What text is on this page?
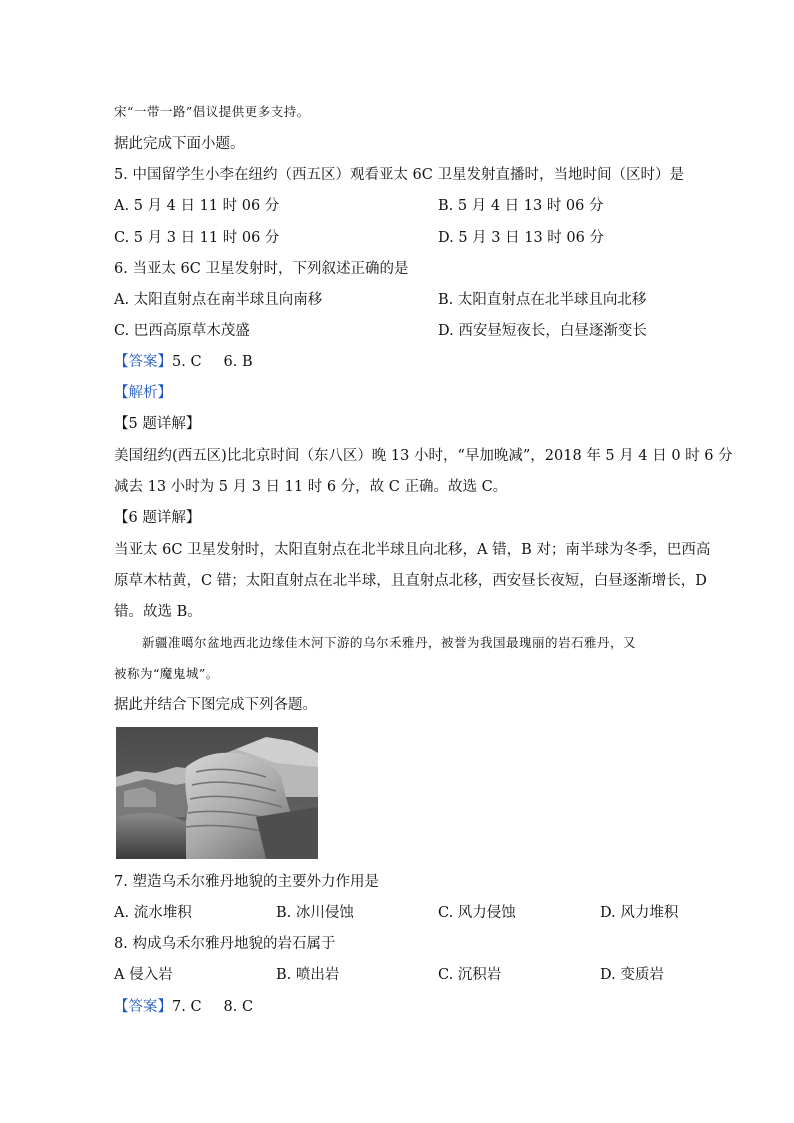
宋“一带一路”倡议提供更多支持。
据此完成下面小题。
5. 中国留学生小李在纽约（西五区）观看亚太 6C 卫星发射直播时，当地时间（区时）是
A. 5 月 4 日 11 时 06 分	B. 5 月 4 日 13 时 06 分
C. 5 月 3 日 11 时 06 分	D. 5 月 3 日 13 时 06 分
6. 当亚太 6C 卫星发射时，下列叙述正确的是
A. 太阳直射点在南半球且向南移	B. 太阳直射点在北半球且向北移
C. 巴西高原草木茂盛	D. 西安昼短夜长，白昼逐渐变长
【答案】5. C 6. B
【解析】
【5 题详解】
美国纽约(西五区)比北京时间（东八区）晚 13 小时，“早加晚减”，2018 年 5 月 4 日 0 时 6 分
减去 13 小时为 5 月 3 日 11 时 6 分，故 C 正确。故选 C。
【6 题详解】
当亚太 6C 卫星发射时，太阳直射点在北半球且向北移，A 错，B 对；南半球为冬季，巴西高
原草木枯黄，C 错；太阳直射点在北半球，且直射点北移，西安昼长夜短，白昼逐渐增长，D
错。故选 B。
新疆准噶尔盆地西北边缘佳木河下游的乌尔禾雅丹，被誉为我国最瑰丽的岩石雅丹，又
被称为“魔鬼城”。
据此并结合下图完成下列各题。
7. 塑造乌禾尔雅丹地貌的主要外力作用是
A. 流水堆积	B. 冰川侵蚀	C. 风力侵蚀	D. 风力堆积
8. 构成乌禾尔雅丹地貌的岩石属于
A 侵入岩	B. 喷出岩	C. 沉积岩	D. 变质岩
【答案】7. C 8. C
